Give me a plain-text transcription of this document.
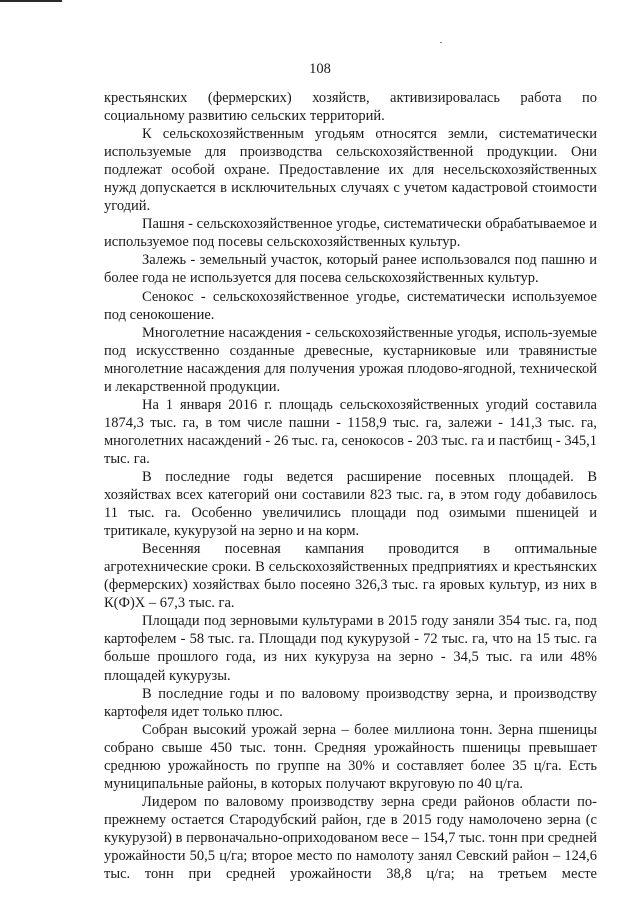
108

крестьянских (фермерских) хозяйств, активизировалась работа по социальному развитию сельских территорий.

К сельскохозяйственным угодьям относятся земли, систематически используемые для производства сельскохозяйственной продукции. Они подлежат особой охране. Предоставление их для несельскохозяйственных нужд допускается в исключительных случаях с учетом кадастровой стоимости угодий.

Пашня - сельскохозяйственное угодье, систематически обрабатываемое и используемое под посевы сельскохозяйственных культур.

Залежь - земельный участок, который ранее использовался под пашню и более года не используется для посева сельскохозяйственных культур.

Сенокос - сельскохозяйственное угодье, систематически используемое под сенокошение.

Многолетние насаждения - сельскохозяйственные угодья, исполь-зуемые под искусственно созданные древесные, кустарниковые или травянистые многолетние насаждения для получения урожая плодово-ягодной, технической и лекарственной продукции.

На 1 января 2016 г. площадь сельскохозяйственных угодий составила 1874,3 тыс. га, в том числе пашни - 1158,9 тыс. га, залежи - 141,3 тыс. га, многолетних насаждений - 26 тыс. га, сенокосов - 203 тыс. га и пастбищ - 345,1 тыс. га.

В последние годы ведется расширение посевных площадей. В хозяйствах всех категорий они составили 823 тыс. га, в этом году добавилось 11 тыс. га. Особенно увеличились площади под озимыми пшеницей и тритикале, кукурузой на зерно и на корм.

Весенняя посевная кампания проводится в оптимальные агротехнические сроки. В сельскохозяйственных предприятиях и крестьянских (фермерских) хозяйствах было посеяно 326,3 тыс. га яровых культур, из них в К(Ф)Х – 67,3 тыс. га.

Площади под зерновыми культурами в 2015 году заняли 354 тыс. га, под картофелем - 58 тыс. га. Площади под кукурузой - 72 тыс. га, что на 15 тыс. га больше прошлого года, из них кукуруза на зерно - 34,5 тыс. га или 48% площадей кукурузы.

В последние годы и по валовому производству зерна, и производству картофеля идет только плюс.

Собран высокий урожай зерна – более миллиона тонн. Зерна пшеницы собрано свыше 450 тыс. тонн. Средняя урожайность пшеницы превышает среднюю урожайность по группе на 30% и составляет более 35 ц/га. Есть муниципальные районы, в которых получают вкруговую по 40 ц/га.

Лидером по валовому производству зерна среди районов области по-прежнему остается Стародубский район, где в 2015 году намолочено зерна (с кукурузой) в первоначально-оприходованом весе – 154,7 тыс. тонн при средней урожайности 50,5 ц/га; второе место по намолоту занял Севский район – 124,6 тыс. тонн при средней урожайности 38,8 ц/га; на третьем месте
